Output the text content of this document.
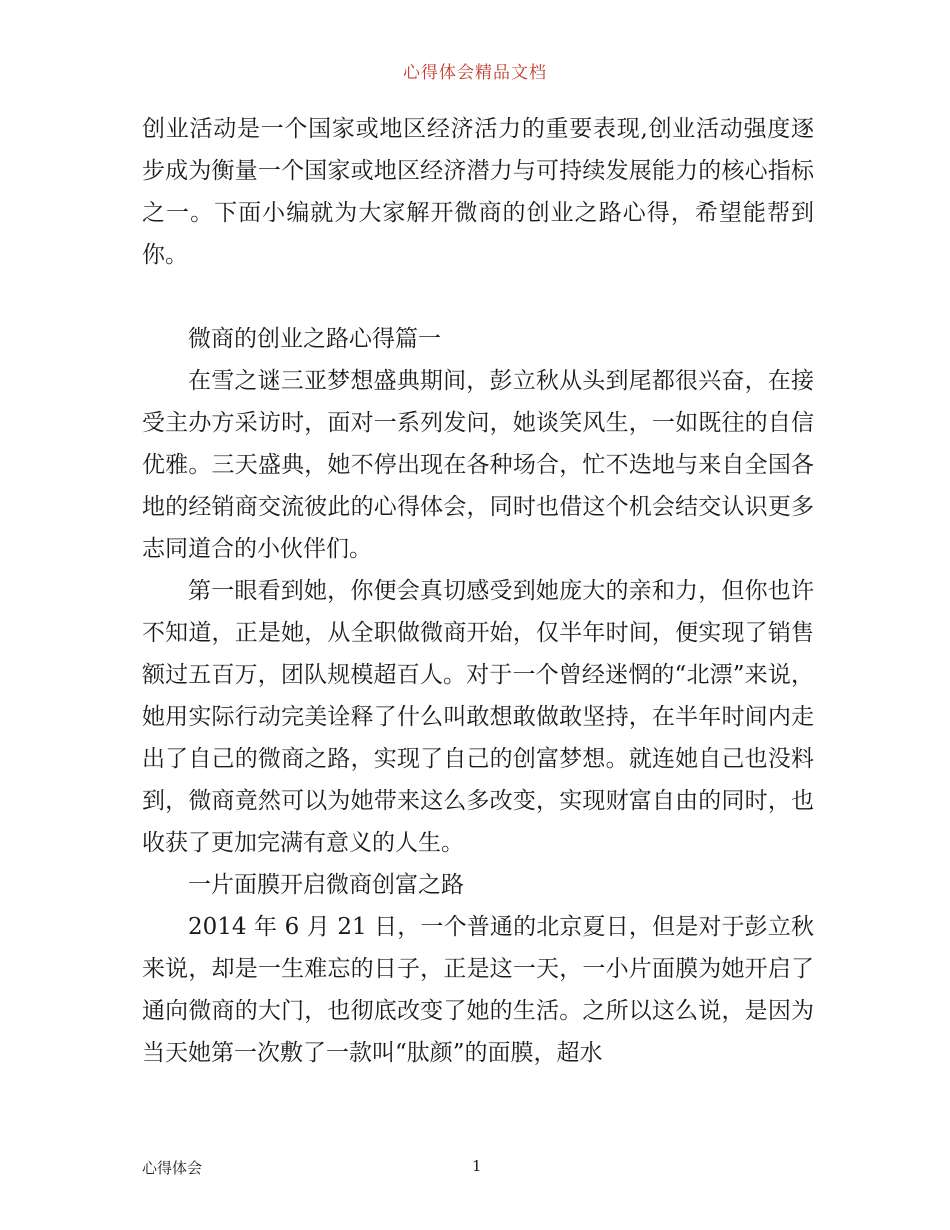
心得体会精品文档

创业活动是一个国家或地区经济活力的重要表现,创业活动强度逐步成为衡量一个国家或地区经济潜力与可持续发展能力的核心指标之一。下面小编就为大家解开微商的创业之路心得，希望能帮到你。

微商的创业之路心得篇一

在雪之谜三亚梦想盛典期间，彭立秋从头到尾都很兴奋，在接受主办方采访时，面对一系列发问，她谈笑风生，一如既往的自信优雅。三天盛典，她不停出现在各种场合，忙不迭地与来自全国各地的经销商交流彼此的心得体会，同时也借这个机会结交认识更多志同道合的小伙伴们。

第一眼看到她，你便会真切感受到她庞大的亲和力，但你也许不知道，正是她，从全职做微商开始，仅半年时间，便实现了销售额过五百万，团队规模超百人。对于一个曾经迷惘的“北漂”来说，她用实际行动完美诠释了什么叫敢想敢做敢坚持，在半年时间内走出了自己的微商之路，实现了自己的创富梦想。就连她自己也没料到，微商竟然可以为她带来这么多改变，实现财富自由的同时，也收获了更加完满有意义的人生。

一片面膜开启微商创富之路

2014 年 6 月 21 日，一个普通的北京夏日，但是对于彭立秋来说，却是一生难忘的日子，正是这一天，一小片面膜为她开启了通向微商的大门，也彻底改变了她的生活。之所以这么说，是因为当天她第一次敷了一款叫“肽颜”的面膜，超水

心得体会	1
